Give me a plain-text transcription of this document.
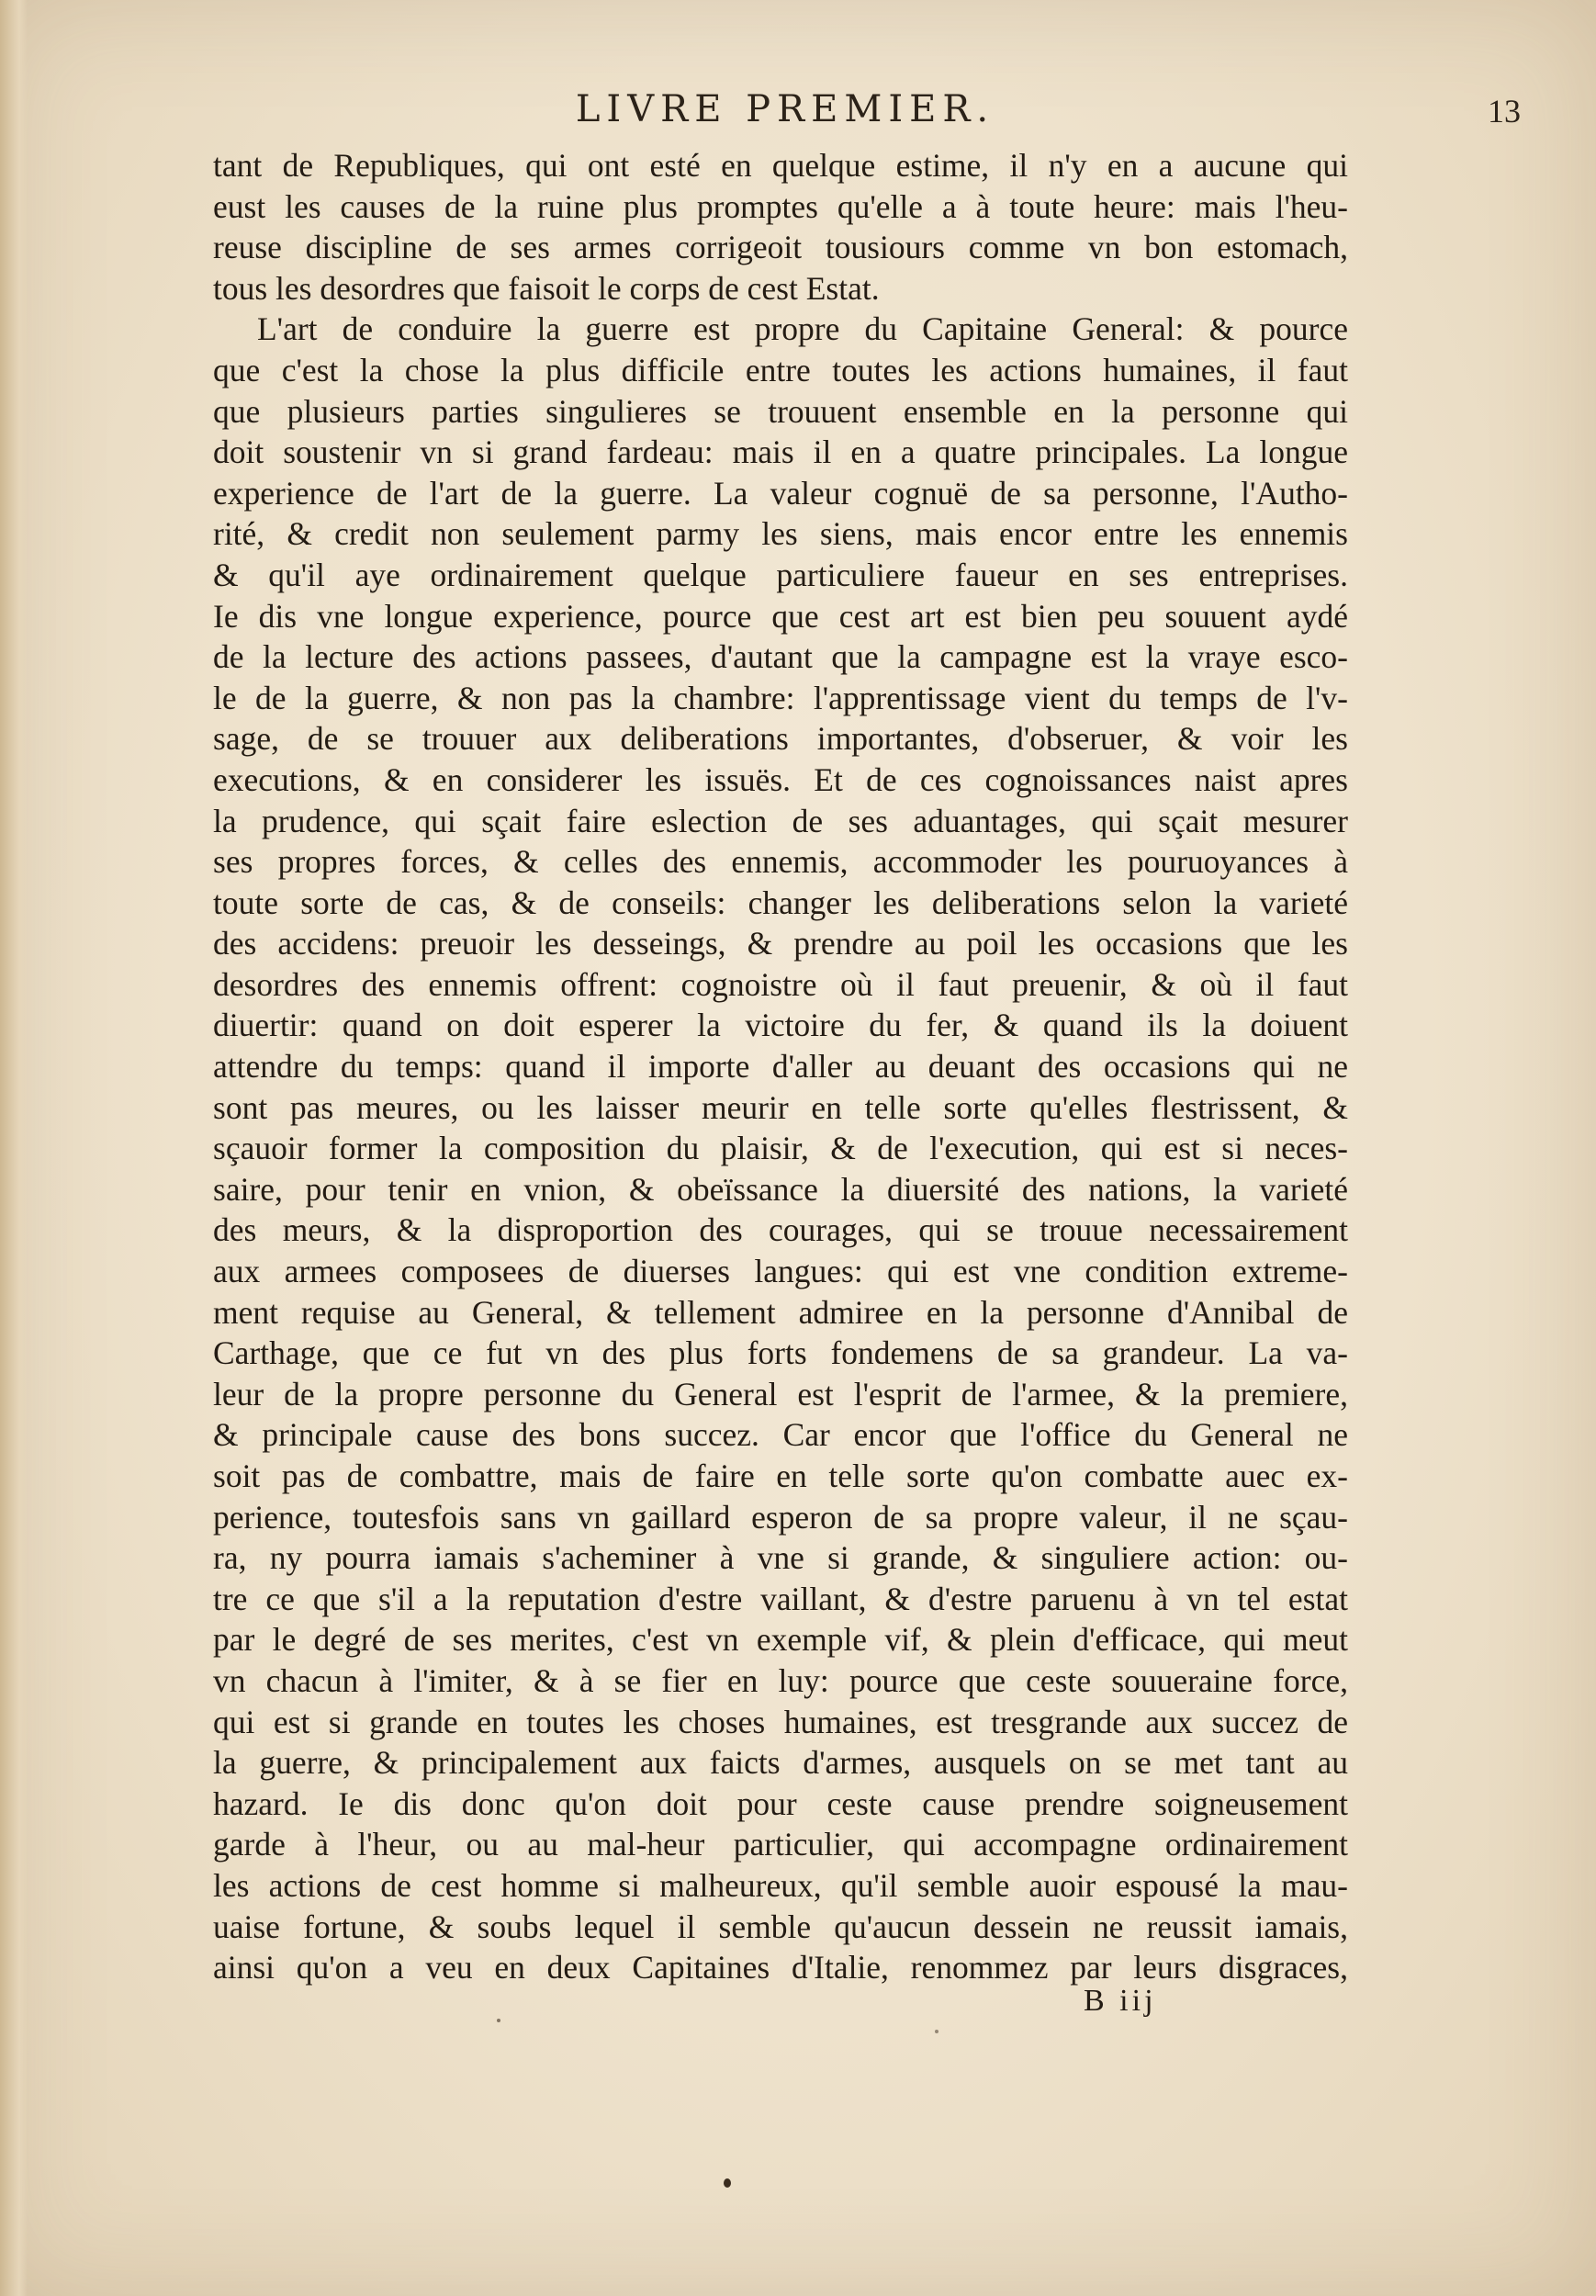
LIVRE PREMIER.	13
tant de Republiques, qui ont esté en quelque estime, il n'y en a aucune qui
eust les causes de la ruine plus promptes qu'elle a à toute heure: mais l'heu-
reuse discipline de ses armes corrigeoit tousiours comme vn bon estomach,
tous les desordres que faisoit le corps de cest Estat.
L'art de conduire la guerre est propre du Capitaine General: & pource
que c'est la chose la plus difficile entre toutes les actions humaines, il faut
que plusieurs parties singulieres se trouuent ensemble en la personne qui
doit soustenir vn si grand fardeau: mais il en a quatre principales. La longue
experience de l'art de la guerre. La valeur cognuë de sa personne, l'Autho-
rité, & credit non seulement parmy les siens, mais encor entre les ennemis
& qu'il aye ordinairement quelque particuliere faueur en ses entreprises.
Ie dis vne longue experience, pource que cest art est bien peu souuent aydé
de la lecture des actions passees, d'autant que la campagne est la vraye esco-
le de la guerre, & non pas la chambre: l'apprentissage vient du temps de l'v-
sage, de se trouuer aux deliberations importantes, d'obseruer, & voir les
executions, & en considerer les issuës. Et de ces cognoissances naist apres
la prudence, qui sçait faire eslection de ses aduantages, qui sçait mesurer
ses propres forces, & celles des ennemis, accommoder les pouruoyances à
toute sorte de cas, & de conseils: changer les deliberations selon la varieté
des accidens: preuoir les desseings, & prendre au poil les occasions que les
desordres des ennemis offrent: cognoistre où il faut preuenir, & où il faut
diuertir: quand on doit esperer la victoire du fer, & quand ils la doiuent
attendre du temps: quand il importe d'aller au deuant des occasions qui ne
sont pas meures, ou les laisser meurir en telle sorte qu'elles flestrissent, &
sçauoir former la composition du plaisir, & de l'execution, qui est si neces-
saire, pour tenir en vnion, & obeïssance la diuersité des nations, la varieté
des meurs, & la disproportion des courages, qui se trouue necessairement
aux armees composees de diuerses langues: qui est vne condition extreme-
ment requise au General, & tellement admiree en la personne d'Annibal de
Carthage, que ce fut vn des plus forts fondemens de sa grandeur. La va-
leur de la propre personne du General est l'esprit de l'armee, & la premiere,
& principale cause des bons succez. Car encor que l'office du General ne
soit pas de combattre, mais de faire en telle sorte qu'on combatte auec ex-
perience, toutesfois sans vn gaillard esperon de sa propre valeur, il ne sçau-
ra, ny pourra iamais s'acheminer à vne si grande, & singuliere action: ou-
tre ce que s'il a la reputation d'estre vaillant, & d'estre paruenu à vn tel estat
par le degré de ses merites, c'est vn exemple vif, & plein d'efficace, qui meut
vn chacun à l'imiter, & à se fier en luy: pource que ceste souueraine force,
qui est si grande en toutes les choses humaines, est tresgrande aux succez de
la guerre, & principalement aux faicts d'armes, ausquels on se met tant au
hazard. Ie dis donc qu'on doit pour ceste cause prendre soigneusement
garde à l'heur, ou au mal-heur particulier, qui accompagne ordinairement
les actions de cest homme si malheureux, qu'il semble auoir espousé la mau-
uaise fortune, & soubs lequel il semble qu'aucun dessein ne reussit iamais,
ainsi qu'on a veu en deux Capitaines d'Italie, renommez par leurs disgraces,
B iij
